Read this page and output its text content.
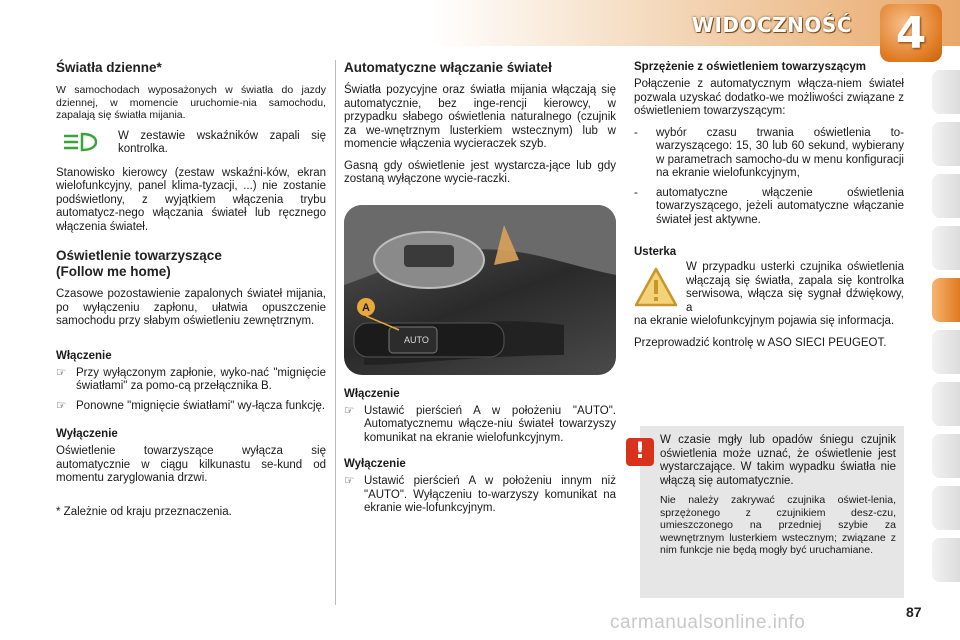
WIDOCZNOŚĆ 4
Światła dzienne*

W samochodach wyposażonych w światła do jazdy dziennej, w momencie uruchomie-nia samochodu, zapalają się światła mijania.

W zestawie wskaźników zapali się kontrolka.

Stanowisko kierowcy (zestaw wskaźni-ków, ekran wielofunkcyjny, panel klima-tyzacji, ...) nie zostanie podświetlony, z wyjątkiem włączenia trybu automatycz-nego włączania świateł lub ręcznego włączenia świateł.

Oświetlenie towarzyszące
(Follow me home)

Czasowe pozostawienie zapalonych świateł mijania, po wyłączeniu zapłonu, ułatwia opuszczenie samochodu przy słabym oświetleniu zewnętrznym.

Włączenie
☞ Przy wyłączonym zapłonie, wyko-nać "mignięcie światłami" za pomo-cą przełącznika B.
☞ Ponowne "mignięcie światłami" wy-łącza funkcję.
Wyłączenie

Oświetlenie towarzyszące wyłącza się automatycznie w ciągu kilkunastu se-kund od momentu zaryglowania drzwi.

* Zależnie od kraju przeznaczenia.

Automatyczne włączanie świateł

Światła pozycyjne oraz światła mijania włączają się automatycznie, bez inge-rencji kierowcy, w przypadku słabego oświetlenia naturalnego (czujnik za we-wnętrznym lusterkiem wstecznym) lub w momencie włączenia wycieraczek szyb.

Gasną gdy oświetlenie jest wystarcza-jące lub gdy zostaną wyłączone wycie-raczki.

A
AUTO
Włączenie
☞ Ustawić pierścień A w położeniu "AUTO". Automatycznemu włącze-niu świateł towarzyszy komunikat na ekranie wielofunkcyjnym.
Wyłączenie
☞ Ustawić pierścień A w położeniu innym niż "AUTO". Wyłączeniu to-warzyszy komunikat na ekranie wie-lofunkcyjnym.
Sprzężenie z oświetleniem towarzyszącym

Połączenie z automatycznym włącza-niem świateł pozwala uzyskać dodatko-we możliwości związane z oświetleniem towarzyszącym:

-	wybór czasu trwania oświetlenia to-warzyszącego: 15, 30 lub 60 sekund, wybierany w parametrach samocho-du w menu konfiguracji na ekranie wielofunkcyjnym,
-	automatyczne włączenie oświetlenia towarzyszącego, jeżeli automatyczne włączanie świateł jest aktywne.
Usterka

W przypadku usterki czujnika oświetlenia włączają się światła, zapala się kontrolka serwisowa, włącza się sygnał dźwiękowy, a

na ekranie wielofunkcyjnym pojawia się informacja.

Przeprowadzić kontrolę w ASO SIECI PEUGEOT.

W czasie mgły lub opadów śniegu czujnik oświetlenia może uznać, że oświetlenie jest wystarczające. W takim wypadku światła nie włączą się automatycznie.

Nie należy zakrywać czujnika oświet-lenia, sprzężonego z czujnikiem desz-czu, umieszczonego na przedniej szybie za wewnętrznym lusterkiem wstecznym; związane z nim funkcje nie będą mogły być uruchamiane.

!
87
carmanualsonline.info
